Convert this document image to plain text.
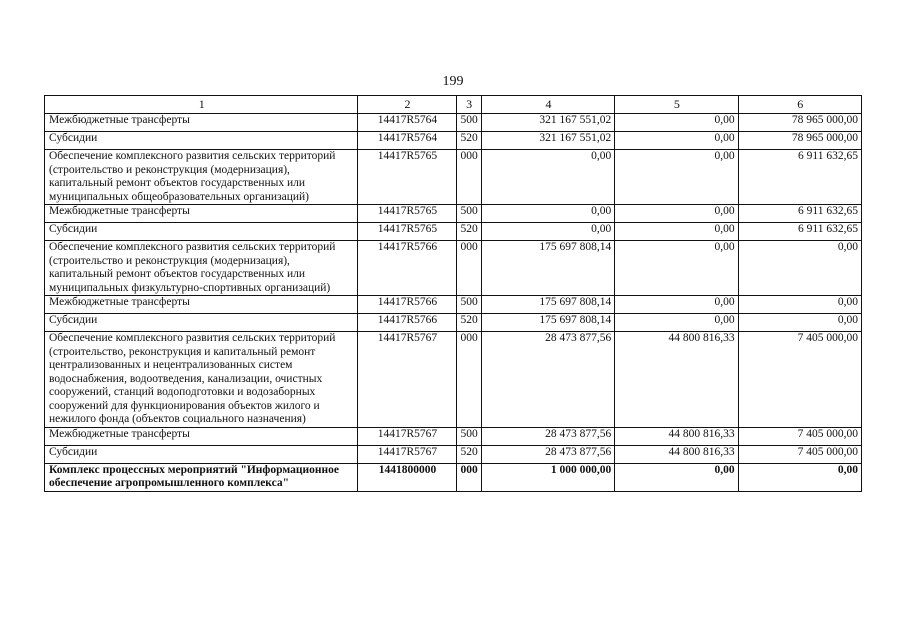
199
1	2	3	4	5	6
Межбюджетные трансферты	14417R5764	500	321 167 551,02	0,00	78 965 000,00
Субсидии	14417R5764	520	321 167 551,02	0,00	78 965 000,00
Обеспечение комплексного развития сельских территорий (строительство и реконструкция (модернизация), капитальный ремонт объектов государственных или муниципальных общеобразовательных организаций)	14417R5765	000	0,00	0,00	6 911 632,65
Межбюджетные трансферты	14417R5765	500	0,00	0,00	6 911 632,65
Субсидии	14417R5765	520	0,00	0,00	6 911 632,65
Обеспечение комплексного развития сельских территорий (строительство и реконструкция (модернизация), капитальный ремонт объектов государственных или муниципальных физкультурно-спортивных организаций)	14417R5766	000	175 697 808,14	0,00	0,00
Межбюджетные трансферты	14417R5766	500	175 697 808,14	0,00	0,00
Субсидии	14417R5766	520	175 697 808,14	0,00	0,00
Обеспечение комплексного развития сельских территорий (строительство, реконструкция и капитальный ремонт централизованных и нецентрализованных систем водоснабжения, водоотведения, канализации, очистных сооружений, станций водоподготовки и водозаборных сооружений для функционирования объектов жилого и нежилого фонда (объектов социального назначения)	14417R5767	000	28 473 877,56	44 800 816,33	7 405 000,00
Межбюджетные трансферты	14417R5767	500	28 473 877,56	44 800 816,33	7 405 000,00
Субсидии	14417R5767	520	28 473 877,56	44 800 816,33	7 405 000,00
Комплекс процессных мероприятий "Информационное обеспечение агропромышленного комплекса"	1441800000	000	1 000 000,00	0,00	0,00
